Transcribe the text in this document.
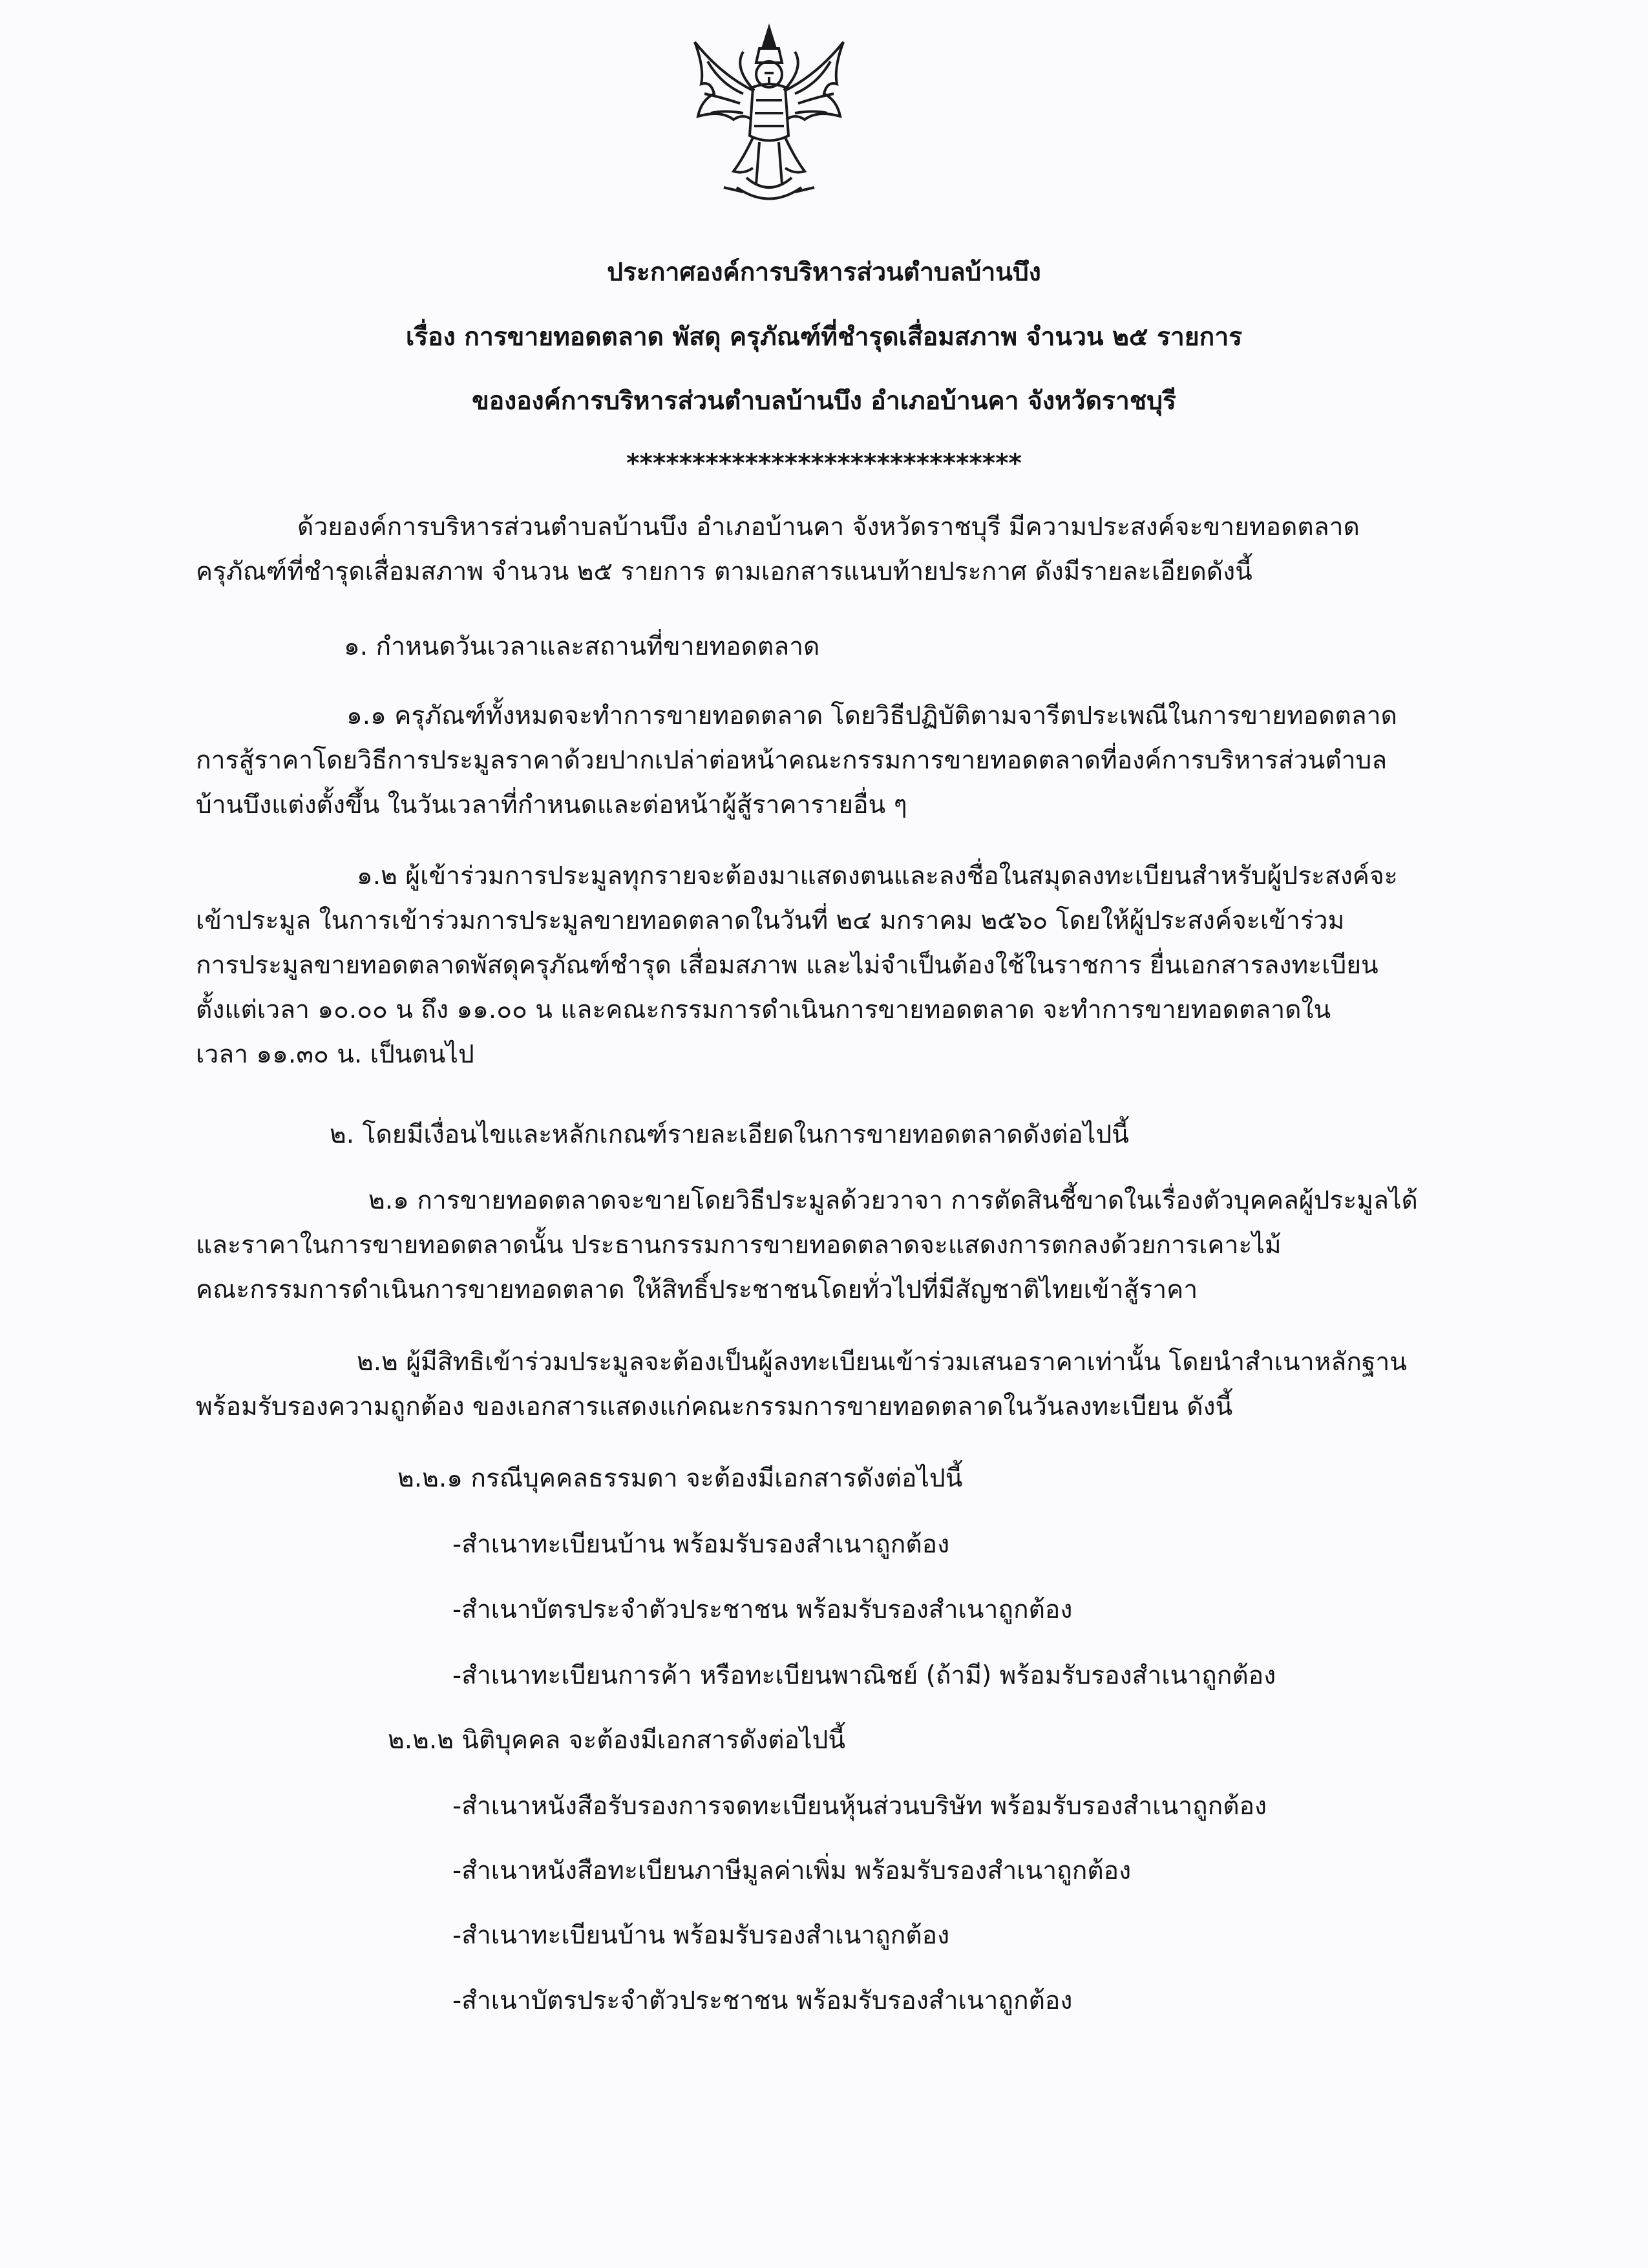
ประกาศองค์การบริหารส่วนตำบลบ้านบึง
เรื่อง การขายทอดตลาด พัสดุ ครุภัณฑ์ที่ชำรุดเสื่อมสภาพ จำนวน ๒๕ รายการ
ขององค์การบริหารส่วนตำบลบ้านบึง อำเภอบ้านคา จังหวัดราชบุรี
******************************
ด้วยองค์การบริหารส่วนตำบลบ้านบึง อำเภอบ้านคา จังหวัดราชบุรี มีความประสงค์จะขายทอดตลาด
ครุภัณฑ์ที่ชำรุดเสื่อมสภาพ จำนวน ๒๕ รายการ ตามเอกสารแนบท้ายประกาศ ดังมีรายละเอียดดังนี้
๑. กำหนดวันเวลาและสถานที่ขายทอดตลาด
๑.๑ ครุภัณฑ์ทั้งหมดจะทำการขายทอดตลาด โดยวิธีปฏิบัติตามจารีตประเพณีในการขายทอดตลาด
การสู้ราคาโดยวิธีการประมูลราคาด้วยปากเปล่าต่อหน้าคณะกรรมการขายทอดตลาดที่องค์การบริหารส่วนตำบล
บ้านบึงแต่งตั้งขึ้น ในวันเวลาที่กำหนดและต่อหน้าผู้สู้ราคารายอื่น ๆ
๑.๒ ผู้เข้าร่วมการประมูลทุกรายจะต้องมาแสดงตนและลงชื่อในสมุดลงทะเบียนสำหรับผู้ประสงค์จะ
เข้าประมูล ในการเข้าร่วมการประมูลขายทอดตลาดในวันที่ ๒๔ มกราคม ๒๕๖๐ โดยให้ผู้ประสงค์จะเข้าร่วม
การประมูลขายทอดตลาดพัสดุครุภัณฑ์ชำรุด เสื่อมสภาพ และไม่จำเป็นต้องใช้ในราชการ ยื่นเอกสารลงทะเบียน
ตั้งแต่เวลา ๑๐.๐๐ น ถึง ๑๑.๐๐ น และคณะกรรมการดำเนินการขายทอดตลาด จะทำการขายทอดตลาดใน
เวลา ๑๑.๓๐ น. เป็นตนไป
๒. โดยมีเงื่อนไขและหลักเกณฑ์รายละเอียดในการขายทอดตลาดดังต่อไปนี้
๒.๑ การขายทอดตลาดจะขายโดยวิธีประมูลด้วยวาจา การตัดสินชี้ขาดในเรื่องตัวบุคคลผู้ประมูลได้
และราคาในการขายทอดตลาดนั้น ประธานกรรมการขายทอดตลาดจะแสดงการตกลงด้วยการเคาะไม้
คณะกรรมการดำเนินการขายทอดตลาด ให้สิทธิ์ประชาชนโดยทั่วไปที่มีสัญชาติไทยเข้าสู้ราคา
๒.๒ ผู้มีสิทธิเข้าร่วมประมูลจะต้องเป็นผู้ลงทะเบียนเข้าร่วมเสนอราคาเท่านั้น โดยนำสำเนาหลักฐาน
พร้อมรับรองความถูกต้อง ของเอกสารแสดงแก่คณะกรรมการขายทอดตลาดในวันลงทะเบียน ดังนี้
๒.๒.๑ กรณีบุคคลธรรมดา จะต้องมีเอกสารดังต่อไปนี้
-สำเนาทะเบียนบ้าน พร้อมรับรองสำเนาถูกต้อง
-สำเนาบัตรประจำตัวประชาชน พร้อมรับรองสำเนาถูกต้อง
-สำเนาทะเบียนการค้า หรือทะเบียนพาณิชย์ (ถ้ามี) พร้อมรับรองสำเนาถูกต้อง
๒.๒.๒ นิติบุคคล จะต้องมีเอกสารดังต่อไปนี้
-สำเนาหนังสือรับรองการจดทะเบียนหุ้นส่วนบริษัท พร้อมรับรองสำเนาถูกต้อง
-สำเนาหนังสือทะเบียนภาษีมูลค่าเพิ่ม พร้อมรับรองสำเนาถูกต้อง
-สำเนาทะเบียนบ้าน พร้อมรับรองสำเนาถูกต้อง
-สำเนาบัตรประจำตัวประชาชน พร้อมรับรองสำเนาถูกต้อง
